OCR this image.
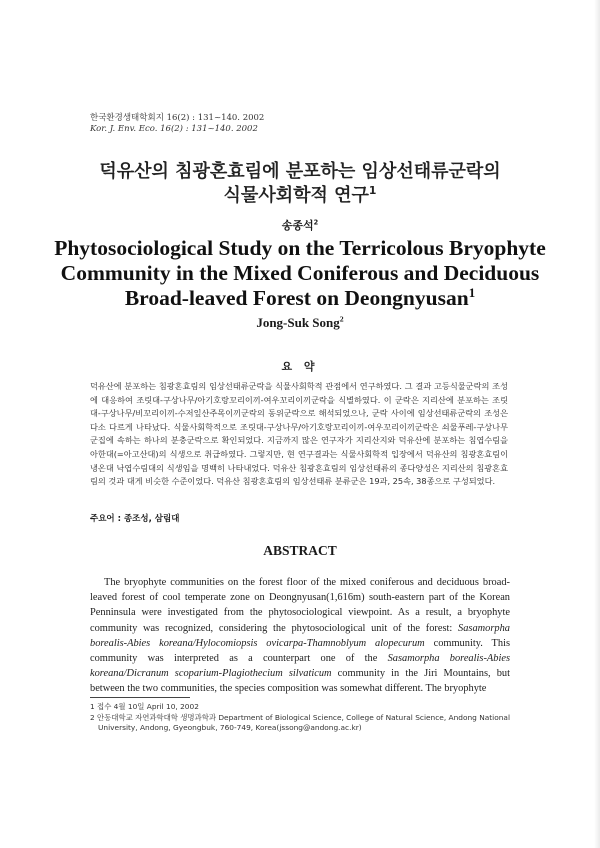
한국환경생태학회지 16(2) : 131~140. 2002
Kor. J. Env. Eco. 16(2) : 131~140. 2002
덕유산의 침광혼효림에 분포하는 임상선태류군락의
식물사회학적 연구$^1$
송종석$^2$
Phytosociological Study on the Terricolous Bryophyte
Community in the Mixed Coniferous and Deciduous
Broad-leaved Forest on Deongnyusan$^1$
Jong-Suk Song$^2$
요 약
덕유산에 분포하는 침광혼효림의 임상선태류군락을 식물사회학적 관점에서 연구하였다. 그 결과 고등식물군락의 조성에 대응하여 조릿대-구상나무/아기호랑꼬리이끼-여우꼬리이끼군락을 식별하였다. 이 군락은 지리산에 분포하는 조릿대-구상나무/비꼬리이끼-수저잎산주목이끼군락의 동위군락으로 해석되었으나, 군락 사이에 임상선태류군락의 조성은 다소 다르게 나타났다. 식물사회학적으로 조릿대-구상나무/아기호랑꼬리이끼-여우꼬리이끼군락은 쇠물푸레-구상나무군집에 속하는 하나의 분충군락으로 확인되었다. 지금까지 많은 연구자가 지리산지와 덕유산에 분포하는 침엽수림을 아한대(=아고산대)의 식생으로 취급하였다. 그렇지만, 현 연구결과는 식물사회학적 입장에서 덕유산의 침광혼효림이 냉온대 낙엽수림대의 식생임을 명백히 나타내었다. 덕유산 침광혼효림의 임상선태류의 종다양성은 지리산의 침광혼효림의 것과 대게 비슷한 수준이었다. 덕유산 침광혼효림의 임상선태류 분류군은 19과, 25속, 38종으로 구성되었다.
주요어 : 종조성, 삼림대
ABSTRACT
The bryophyte communities on the forest floor of the mixed coniferous and deciduous broad-leaved forest of cool temperate zone on Deongnyusan(1,616m) south-eastern part of the Korean Penninsula were investigated from the phytosociological viewpoint. As a result, a bryophyte community was recognized, considering the phytosociological unit of the forest: Sasamorpha borealis-Abies koreana/Hylocomiopsis ovicarpa-Thamnoblyum alopecurum community. This community was interpreted as a counterpart one of the Sasamorpha borealis-Abies koreana/Dicranum scoparium-Plagiothecium silvaticum community in the Jiri Mountains, but between the two communities, the species composition was somewhat different. The bryophyte
1 접수 4월 10일 April 10, 2002
2 안동대학교 자연과학대학 생명과학과 Department of Biological Science, College of Natural Science, Andong National University, Andong, Gyeongbuk, 760-749, Korea(jssong@andong.ac.kr)
